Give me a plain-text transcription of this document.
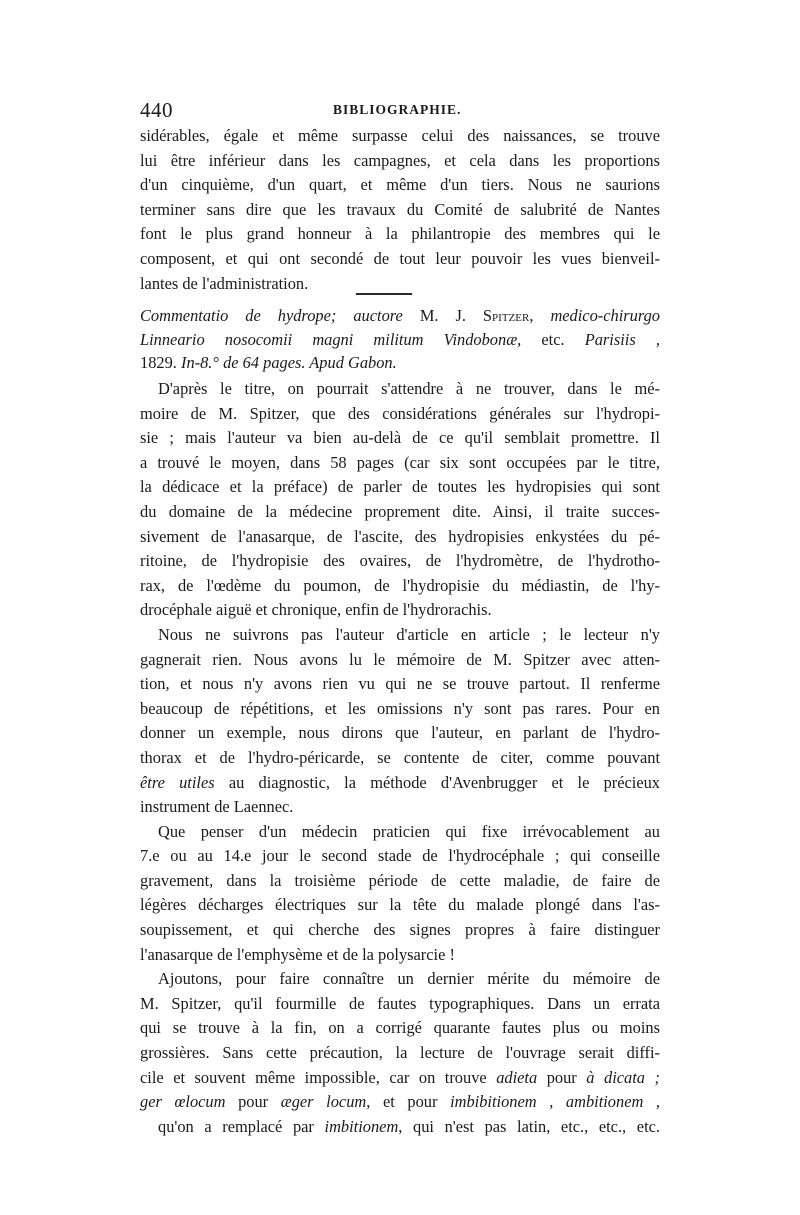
440	BIBLIOGRAPHIE.
sidérables, égale et même surpasse celui des naissances, se trouve
lui être inférieur dans les campagnes, et cela dans les proportions
d'un cinquième, d'un quart, et même d'un tiers. Nous ne saurions
terminer sans dire que les travaux du Comité de salubrité de Nantes
font le plus grand honneur à la philantropie des membres qui le
composent, et qui ont secondé de tout leur pouvoir les vues bienveil-
lantes de l'administration.
Commentatio de hydrope; auctore M. J. Spitzer, medico-chirurgo
Linneario nosocomii magni militum Vindobonæ, etc. Parisiis ,
1829. In-8.° de 64 pages. Apud Gabon.
D'après le titre, on pourrait s'attendre à ne trouver, dans le mé-
moire de M. Spitzer, que des considérations générales sur l'hydropi-
sie ; mais l'auteur va bien au-delà de ce qu'il semblait promettre. Il
a trouvé le moyen, dans 58 pages (car six sont occupées par le titre,
la dédicace et la préface) de parler de toutes les hydropisies qui sont
du domaine de la médecine proprement dite. Ainsi, il traite succes-
sivement de l'anasarque, de l'ascite, des hydropisies enkystées du pé-
ritoine, de l'hydropisie des ovaires, de l'hydromètre, de l'hydrotho-
rax, de l'œdème du poumon, de l'hydropisie du médiastin, de l'hy-
drocéphale aiguë et chronique, enfin de l'hydrorachis.
Nous ne suivrons pas l'auteur d'article en article ; le lecteur n'y
gagnerait rien. Nous avons lu le mémoire de M. Spitzer avec atten-
tion, et nous n'y avons rien vu qui ne se trouve partout. Il renferme
beaucoup de répétitions, et les omissions n'y sont pas rares. Pour en
donner un exemple, nous dirons que l'auteur, en parlant de l'hydro-
thorax et de l'hydro-péricarde, se contente de citer, comme pouvant
être utiles au diagnostic, la méthode d'Avenbrugger et le précieux
instrument de Laennec.
Que penser d'un médecin praticien qui fixe irrévocablement au
7.e ou au 14.e jour le second stade de l'hydrocéphale ; qui conseille
gravement, dans la troisième période de cette maladie, de faire de
légères décharges électriques sur la tête du malade plongé dans l'as-
soupissement, et qui cherche des signes propres à faire distinguer
l'anasarque de l'emphysème et de la polysarcie !
Ajoutons, pour faire connaître un dernier mérite du mémoire de
M. Spitzer, qu'il fourmille de fautes typographiques. Dans un errata
qui se trouve à la fin, on a corrigé quarante fautes plus ou moins
grossières. Sans cette précaution, la lecture de l'ouvrage serait diffi-
cile et souvent même impossible, car on trouve adieta pour à dicata ;
ger œlocum pour æger locum, et pour imbibitionem , ambitionem ,
qu'on a remplacé par imbitionem, qui n'est pas latin, etc., etc., etc.
